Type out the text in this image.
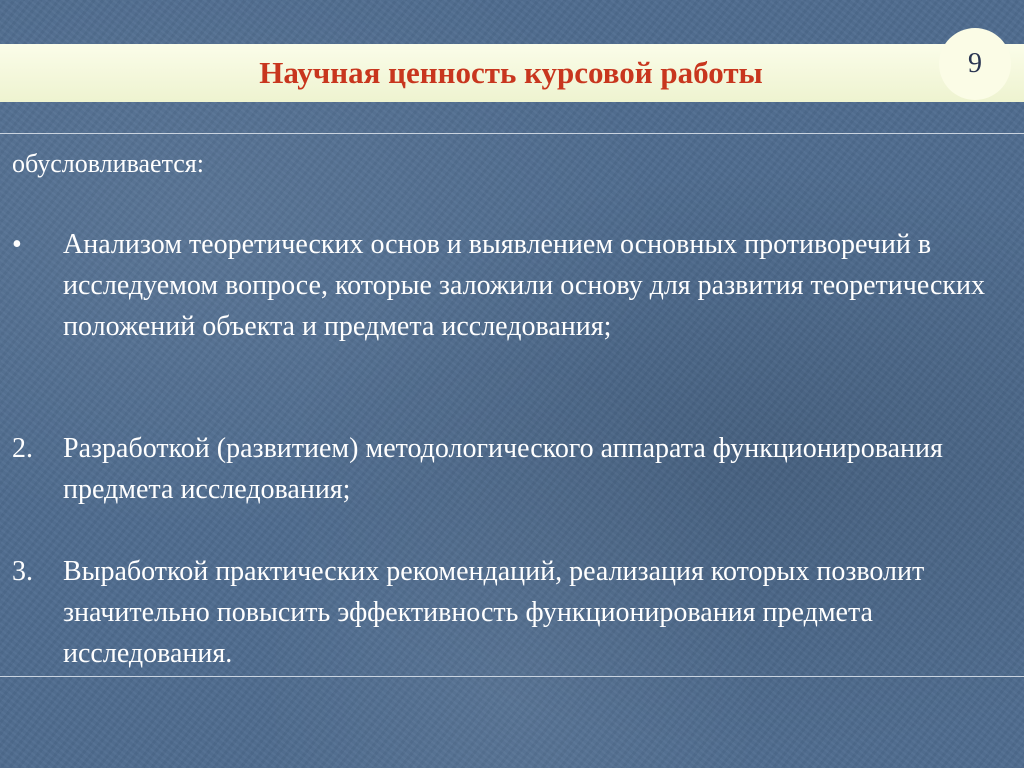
Научная ценность курсовой работы	9
обусловливается:
•	Анализом теоретических основ и выявлением основных противоречий в исследуемом вопросе, которые заложили основу для развития теоретических положений объекта и предмета исследования;
2.	Разработкой (развитием) методологического аппарата функционирования предмета исследования;
3.	Выработкой практических рекомендаций, реализация которых позволит значительно повысить эффективность функционирования предмета исследования.
